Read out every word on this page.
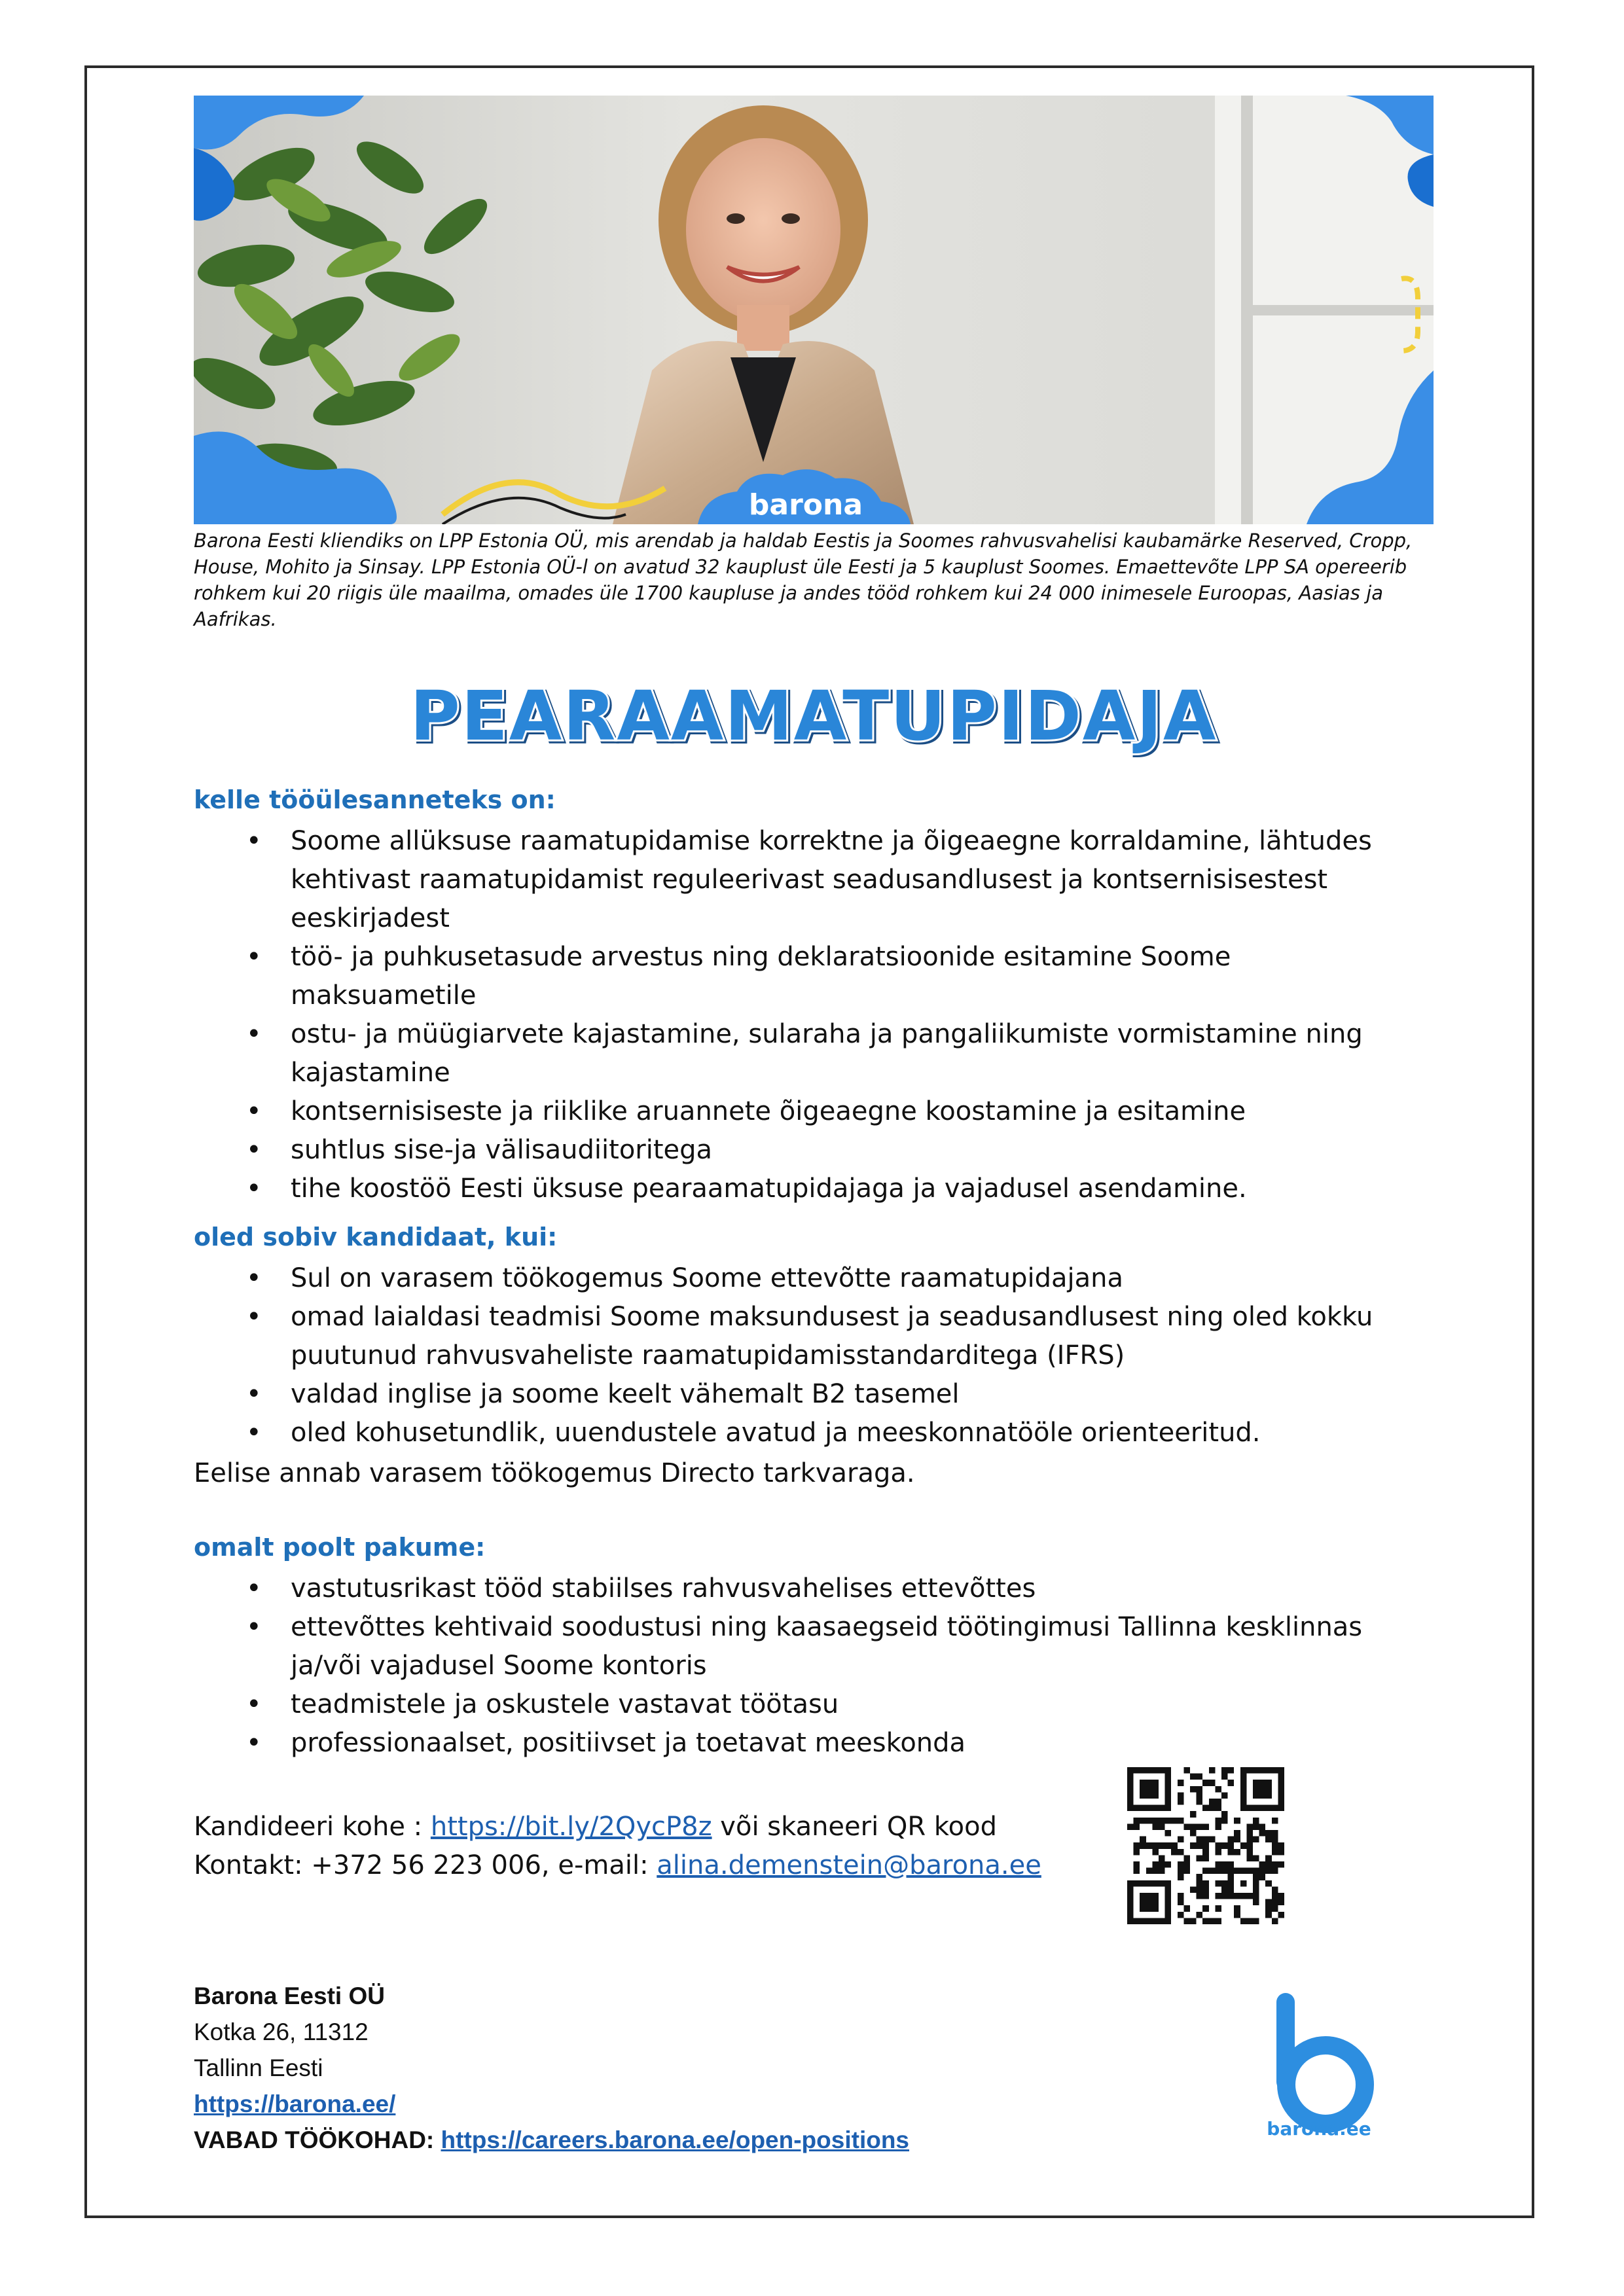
barona

Barona Eesti kliendiks on LPP Estonia OÜ, mis arendab ja haldab Eestis ja Soomes rahvusvahelisi kaubamärke Reserved, Cropp, House, Mohito ja Sinsay. LPP Estonia OÜ-l on avatud 32 kauplust üle Eesti ja 5 kauplust Soomes. Emaettevõte LPP SA opereerib rohkem kui 20 riigis üle maailma, omades üle 1700 kaupluse ja andes tööd rohkem kui 24 000 inimesele Euroopas, Aasias ja Aafrikas.

PEARAAMATUPIDAJA
kelle tööülesanneteks on:
• Soome allüksuse raamatupidamise korrektne ja õigeaegne korraldamine, lähtudes kehtivast raamatupidamist reguleerivast seadusandlusest ja kontsernisisestest eeskirjadest
• töö- ja puhkusetasude arvestus ning deklaratsioonide esitamine Soome maksuametile
• ostu- ja müügiarvete kajastamine, sularaha ja pangaliikumiste vormistamine ning kajastamine
• kontsernisiseste ja riiklike aruannete õigeaegne koostamine ja esitamine
• suhtlus sise-ja välisaudiitoritega
• tihe koostöö Eesti üksuse pearaamatupidajaga ja vajadusel asendamine.
oled sobiv kandidaat, kui:
• Sul on varasem töökogemus Soome ettevõtte raamatupidajana
• omad laialdasi teadmisi Soome maksundusest ja seadusandlusest ning oled kokku puutunud rahvusvaheliste raamatupidamisstandarditega (IFRS)
• valdad inglise ja soome keelt vähemalt B2 tasemel
• oled kohusetundlik, uuendustele avatud ja meeskonnatööle orienteeritud.

Eelise annab varasem töökogemus Directo tarkvaraga.

omalt poolt pakume:
• vastutusrikast tööd stabiilses rahvusvahelises ettevõttes
• ettevõttes kehtivaid soodustusi ning kaasaegseid töötingimusi Tallinna kesklinnas ja/või vajadusel Soome kontoris
• teadmistele ja oskustele vastavat töötasu
• professionaalset, positiivset ja toetavat meeskonda

Kandideeri kohe : https://bit.ly/2QycP8z või skaneeri QR kood

Kontakt: +372 56 223 006, e-mail: alina.demenstein@barona.ee

Barona Eesti OÜ
Kotka 26, 11312
Tallinn Eesti
https://barona.ee/
VABAD TÖÖKOHAD: https://careers.barona.ee/open-positions	barona.ee
